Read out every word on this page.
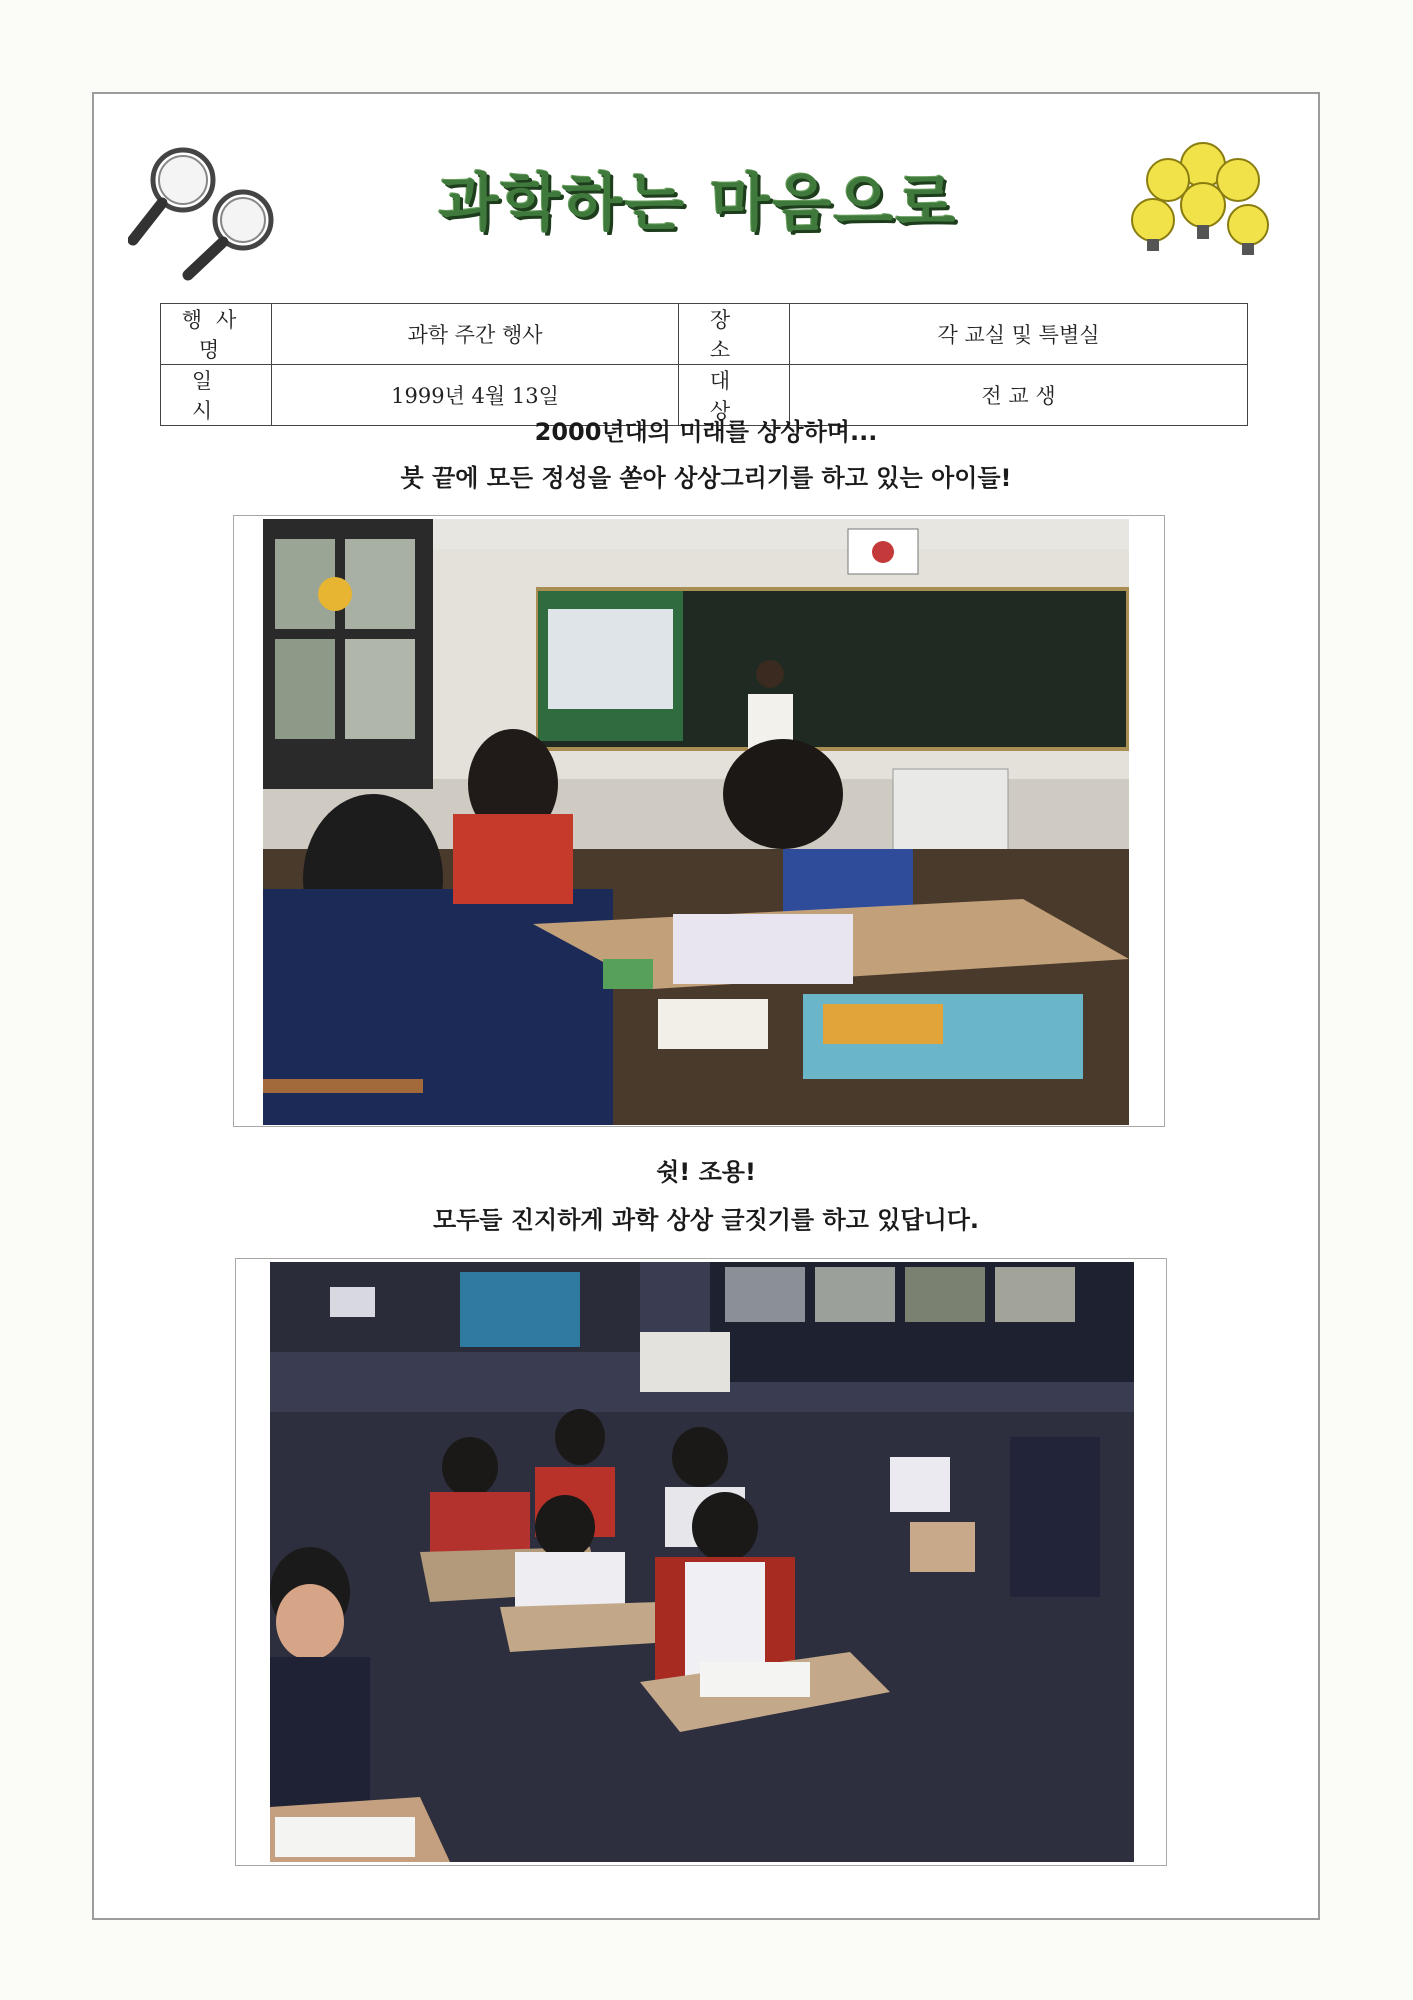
과학하는 마음으로
행사명	과학 주간 행사	장소	각 교실 및 특별실
일시	1999년 4월 13일	대상	전 교 생
2000년대의 미래를 상상하며...
붓 끝에 모든 정성을 쏟아 상상그리기를 하고 있는 아이들!
쉿! 조용!
모두들 진지하게 과학 상상 글짓기를 하고 있답니다.
